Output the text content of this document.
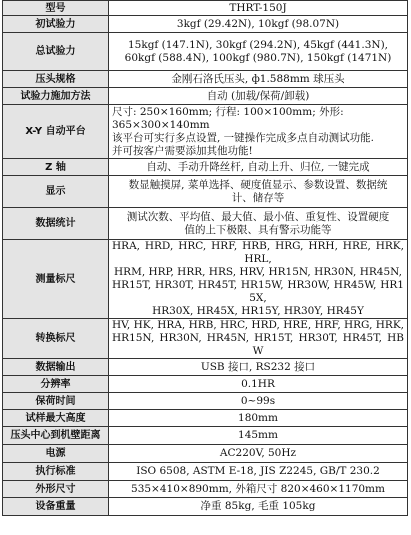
型号	THRT-150J

初试验力	3kgf (29.42N), 10kgf (98.07N)

总试验力	15kgf (147.1N), 30kgf (294.2N), 45kgf (441.3N),
60kgf (588.4N), 100kgf (980.7N), 150kgf (1471N)

压头规格	金刚石洛氏压头, ф1.588mm 球压头

试验力施加方法	自动 (加载/保荷/卸载)

X-Y 自动平台	尺寸: 250×160mm; 行程: 100×100mm; 外形:
365×300×140mm
该平台可实行多点设置, 一键操作完成多点自动测试功能.
并可按客户需要添加其他功能!

Z 轴	自动、手动升降丝杆, 自动上升、归位, 一键完成

显示	数显触摸屏, 菜单选择、硬度值显示、参数设置、数据统
计、储存等

数据统计	测试次数、平均值、最大值、最小值、重复性、设置硬度
值的上下极限、具有警示功能等

测量标尺	HRA, HRD, HRC, HRF, HRB, HRG, HRH, HRE, HRK, HRL,
HRM, HRP, HRR, HRS, HRV, HR15N, HR30N, HR45N,
HR15T, HR30T, HR45T, HR15W, HR30W, HR45W, HR15X,
HR30X, HR45X, HR15Y, HR30Y, HR45Y

转换标尺	HV, HK, HRA, HRB, HRC, HRD, HRE, HRF, HRG, HRK,
HR15N, HR30N, HR45N, HR15T, HR30T, HR45T, HBW

数据输出	USB 接口, RS232 接口

分辨率	0.1HR

保荷时间	0~99s

试样最大高度	180mm

压头中心到机壁距离	145mm

电源	AC220V, 50Hz

执行标准	ISO 6508, ASTM E-18, JIS Z2245, GB/T 230.2

外形尺寸	535×410×890mm, 外箱尺寸 820×460×1170mm

设备重量	净重 85kg, 毛重 105kg
